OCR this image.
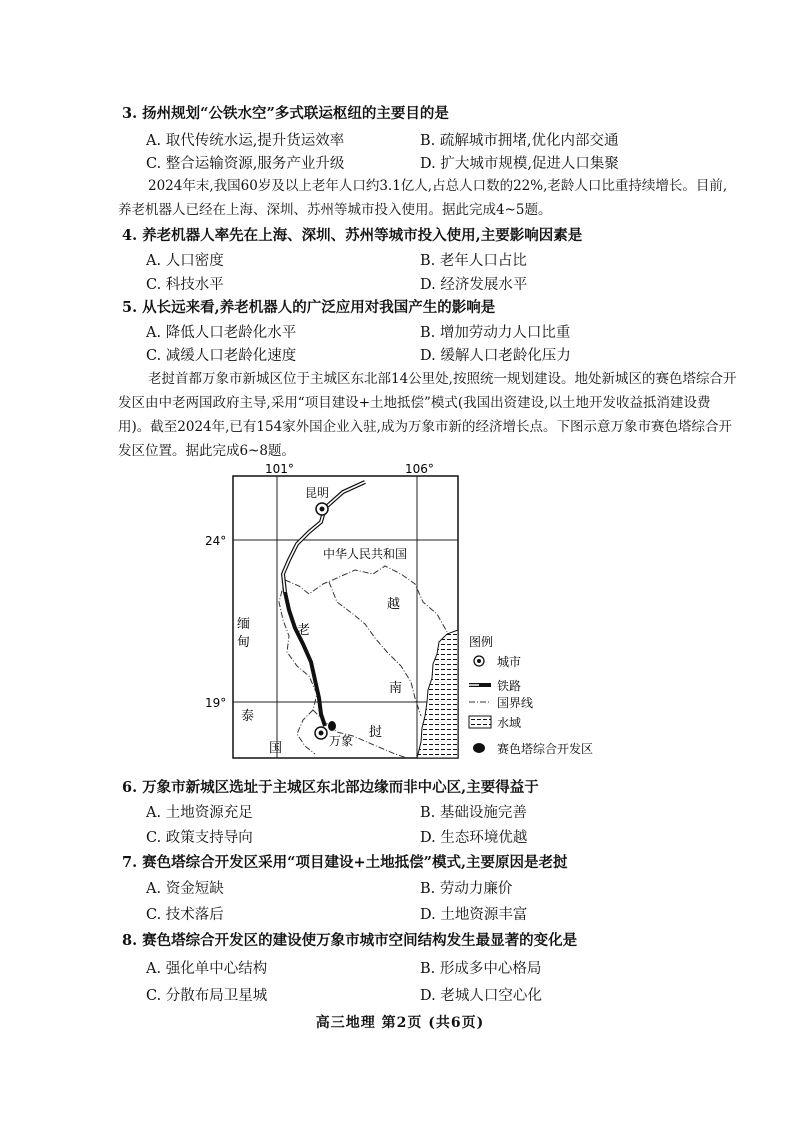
3. 扬州规划“公铁水空”多式联运枢纽的主要目的是
A. 取代传统水运,提升货运效率	B. 疏解城市拥堵,优化内部交通
C. 整合运输资源,服务产业升级	D. 扩大城市规模,促进人口集聚
2024年末,我国60岁及以上老年人口约3.1亿人,占总人口数的22%,老龄人口比重持续增长。目前,养老机器人已经在上海、深圳、苏州等城市投入使用。据此完成4~5题。
4. 养老机器人率先在上海、深圳、苏州等城市投入使用,主要影响因素是
A. 人口密度	B. 老年人口占比
C. 科技水平	D. 经济发展水平
5. 从长远来看,养老机器人的广泛应用对我国产生的影响是
A. 降低人口老龄化水平	B. 增加劳动力人口比重
C. 减缓人口老龄化速度	D. 缓解人口老龄化压力
老挝首都万象市新城区位于主城区东北部14公里处,按照统一规划建设。地处新城区的赛色塔综合开发区由中老两国政府主导,采用“项目建设+土地抵偿”模式(我国出资建设,以土地开发收益抵消建设费用)。截至2024年,已有154家外国企业入驻,成为万象市新的经济增长点。下图示意万象市赛色塔综合开发区位置。据此完成6~8题。
101°	106°
24°
19°
昆明
万象
中华人民共和国
越
南
老
挝
缅
甸
泰
国
图例
城市
铁路
国界线
水域
赛色塔综合开发区
6. 万象市新城区选址于主城区东北部边缘而非中心区,主要得益于
A. 土地资源充足	B. 基础设施完善
C. 政策支持导向	D. 生态环境优越
7. 赛色塔综合开发区采用“项目建设+土地抵偿”模式,主要原因是老挝
A. 资金短缺	B. 劳动力廉价
C. 技术落后	D. 土地资源丰富
8. 赛色塔综合开发区的建设使万象市城市空间结构发生最显著的变化是
A. 强化单中心结构	B. 形成多中心格局
C. 分散布局卫星城	D. 老城人口空心化
高三地理 第2页 (共6页)
